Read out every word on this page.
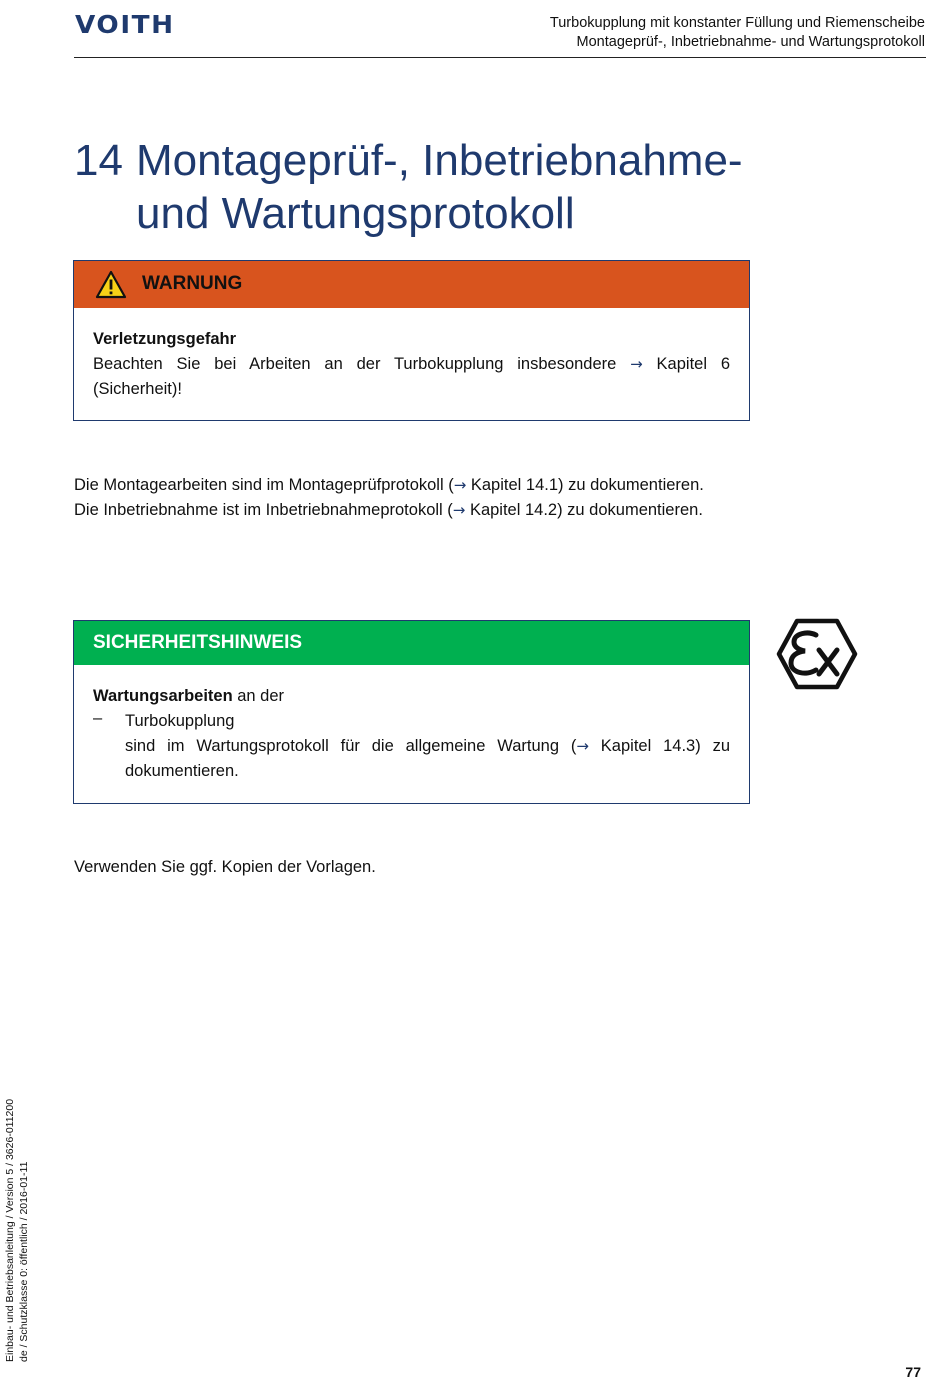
VOITH	Turbokupplung mit konstanter Füllung und Riemenscheibe
Montageprüf-, Inbetriebnahme- und Wartungsprotokoll
14 Montageprüf-, Inbetriebnahme- und Wartungsprotokoll
WARNUNG
Verletzungsgefahr
Beachten Sie bei Arbeiten an der Turbokupplung insbesondere → Kapitel 6 (Sicherheit)!
Die Montagearbeiten sind im Montageprüfprotokoll (→ Kapitel 14.1) zu dokumentieren.
Die Inbetriebnahme ist im Inbetriebnahmeprotokoll (→ Kapitel 14.2) zu dokumentieren.
SICHERHEITSHINWEIS
Wartungsarbeiten an der
– Turbokupplung
sind im Wartungsprotokoll für die allgemeine Wartung (→ Kapitel 14.3) zu dokumentieren.
Verwenden Sie ggf. Kopien der Vorlagen.
Einbau- und Betriebsanleitung / Version 5 / 3626-011200 de / Schutzklasse 0: öffentlich / 2016-01-11
77
